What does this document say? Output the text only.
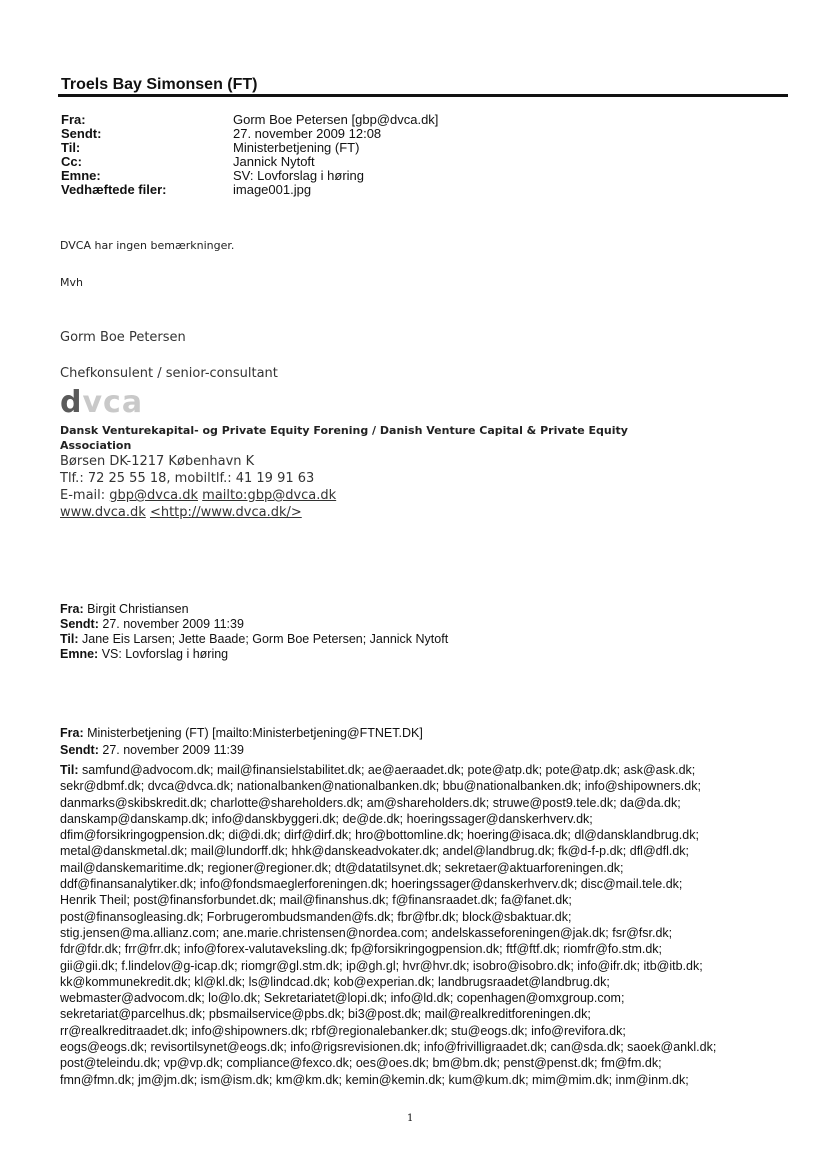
Troels Bay Simonsen (FT)
Fra:
Sendt:
Til:
Cc:
Emne:
Vedhæftede filer:
Gorm Boe Petersen [gbp@dvca.dk]
27. november 2009 12:08
Ministerbetjening (FT)
Jannick Nytoft
SV: Lovforslag i høring
image001.jpg
DVCA har ingen bemærkninger.
Mvh
Gorm Boe Petersen
Chefkonsulent / senior-consultant
dvca
Dansk Venturekapital- og Private Equity Forening / Danish Venture Capital & Private Equity
Association
Børsen DK-1217 København K
Tlf.: 72 25 55 18, mobiltlf.: 41 19 91 63
E-mail: gbp@dvca.dk mailto:gbp@dvca.dk
www.dvca.dk <http://www.dvca.dk/>
Fra: Birgit Christiansen
Sendt: 27. november 2009 11:39
Til: Jane Eis Larsen; Jette Baade; Gorm Boe Petersen; Jannick Nytoft
Emne: VS: Lovforslag i høring
Fra: Ministerbetjening (FT) [mailto:Ministerbetjening@FTNET.DK]
Sendt: 27. november 2009 11:39
Til: samfund@advocom.dk; mail@finansielstabilitet.dk; ae@aeraadet.dk; pote@atp.dk; pote@atp.dk; ask@ask.dk;
sekr@dbmf.dk; dvca@dvca.dk; nationalbanken@nationalbanken.dk; bbu@nationalbanken.dk; info@shipowners.dk;
danmarks@skibskredit.dk; charlotte@shareholders.dk; am@shareholders.dk; struwe@post9.tele.dk; da@da.dk;
danskamp@danskamp.dk; info@danskbyggeri.dk; de@de.dk; hoeringssager@danskerhverv.dk;
dfim@forsikringogpension.dk; di@di.dk; dirf@dirf.dk; hro@bottomline.dk; hoering@isaca.dk; dl@dansklandbrug.dk;
metal@danskmetal.dk; mail@lundorff.dk; hhk@danskeadvokater.dk; andel@landbrug.dk; fk@d-f-p.dk; dfl@dfl.dk;
mail@danskemaritime.dk; regioner@regioner.dk; dt@datatilsynet.dk; sekretaer@aktuarforeningen.dk;
ddf@finansanalytiker.dk; info@fondsmaeglerforeningen.dk; hoeringssager@danskerhverv.dk; disc@mail.tele.dk;
Henrik Theil; post@finansforbundet.dk; mail@finanshus.dk; f@finansraadet.dk; fa@fanet.dk;
post@finansogleasing.dk; Forbrugerombudsmanden@fs.dk; fbr@fbr.dk; block@sbaktuar.dk;
stig.jensen@ma.allianz.com; ane.marie.christensen@nordea.com; andelskasseforeningen@jak.dk; fsr@fsr.dk;
fdr@fdr.dk; frr@frr.dk; info@forex-valutaveksling.dk; fp@forsikringogpension.dk; ftf@ftf.dk; riomfr@fo.stm.dk;
gii@gii.dk; f.lindelov@g-icap.dk; riomgr@gl.stm.dk; ip@gh.gl; hvr@hvr.dk; isobro@isobro.dk; info@ifr.dk; itb@itb.dk;
kk@kommunekredit.dk; kl@kl.dk; ls@lindcad.dk; kob@experian.dk; landbrugsraadet@landbrug.dk;
webmaster@advocom.dk; lo@lo.dk; Sekretariatet@lopi.dk; info@ld.dk; copenhagen@omxgroup.com;
sekretariat@parcelhus.dk; pbsmailservice@pbs.dk; bi3@post.dk; mail@realkreditforeningen.dk;
rr@realkreditraadet.dk; info@shipowners.dk; rbf@regionalebanker.dk; stu@eogs.dk; info@revifora.dk;
eogs@eogs.dk; revisortilsynet@eogs.dk; info@rigsrevisionen.dk; info@frivilligraadet.dk; can@sda.dk; saoek@ankl.dk;
post@teleindu.dk; vp@vp.dk; compliance@fexco.dk; oes@oes.dk; bm@bm.dk; penst@penst.dk; fm@fm.dk;
fmn@fmn.dk; jm@jm.dk; ism@ism.dk; km@km.dk; kemin@kemin.dk; kum@kum.dk; mim@mim.dk; inm@inm.dk;
1
